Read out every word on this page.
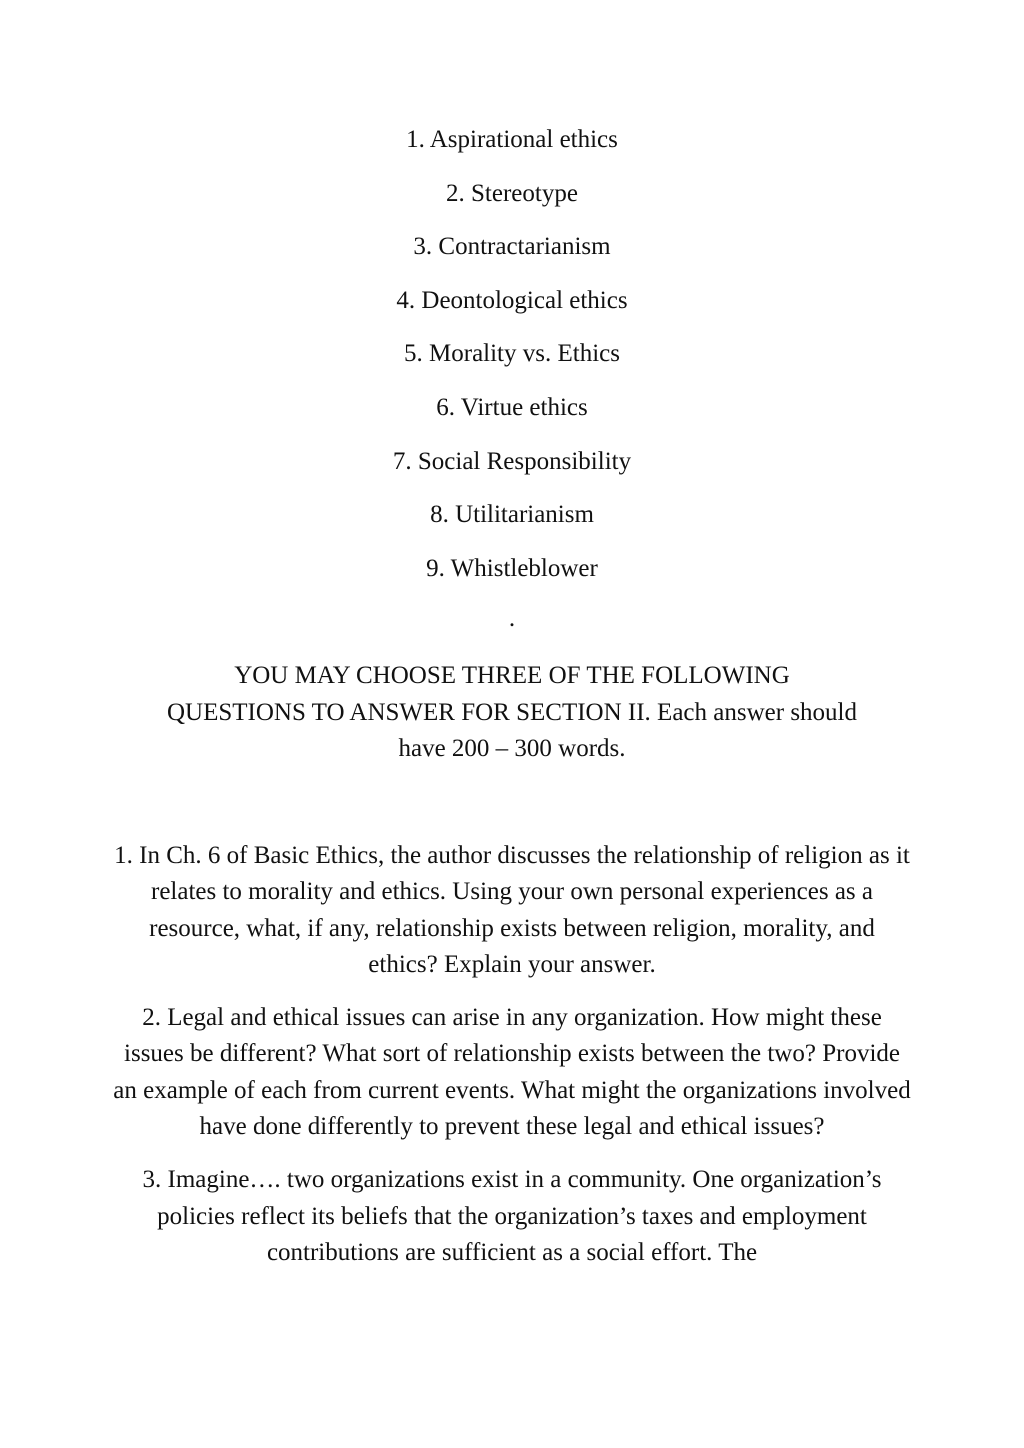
1. Aspirational ethics
2. Stereotype
3. Contractarianism
4. Deontological ethics
5. Morality vs. Ethics
6. Virtue ethics
7. Social Responsibility
8. Utilitarianism
9. Whistleblower
.
YOU MAY CHOOSE THREE OF THE FOLLOWING
QUESTIONS TO ANSWER FOR SECTION II. Each answer should
have 200 – 300 words.

1. In Ch. 6 of Basic Ethics, the author discusses the relationship of religion as it relates to morality and ethics. Using your own personal experiences as a resource, what, if any, relationship exists between religion, morality, and ethics? Explain your answer.

2. Legal and ethical issues can arise in any organization. How might these issues be different? What sort of relationship exists between the two? Provide an example of each from current events. What might the organizations involved have done differently to prevent these legal and ethical issues?

3. Imagine…. two organizations exist in a community. One organization’s policies reflect its beliefs that the organization’s taxes and employment contributions are sufficient as a social effort. The
